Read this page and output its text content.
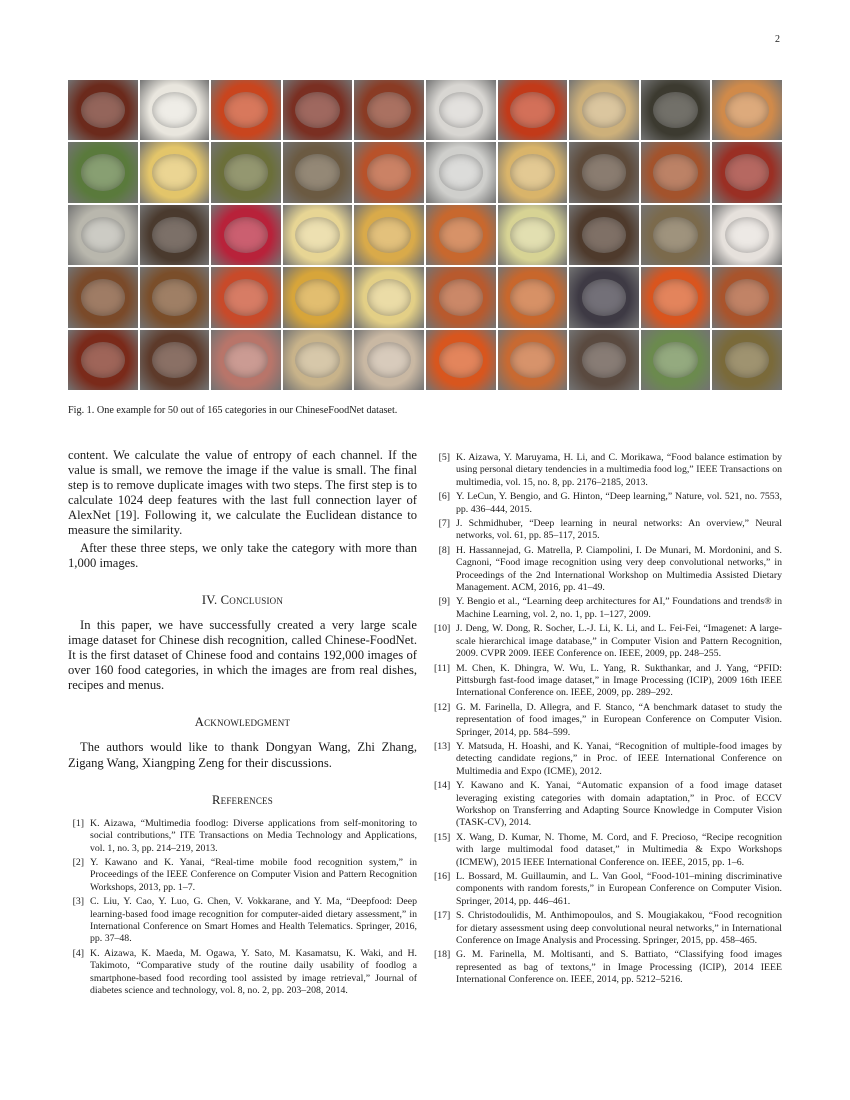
2
Fig. 1. One example for 50 out of 165 categories in our ChineseFoodNet dataset.

content. We calculate the value of entropy of each channel. If the value is small, we remove the image if the value is small. The final step is to remove duplicate images with two steps. The first step is to calculate 1024 deep features with the last full connection layer of AlexNet [19]. Following it, we calculate the Euclidean distance to measure the similarity.

After these three steps, we only take the category with more than 1,000 images.

IV. Conclusion

In this paper, we have successfully created a very large scale image dataset for Chinese dish recognition, called Chinese-FoodNet. It is the first dataset of Chinese food and contains 192,000 images of over 160 food categories, in which the images are from real dishes, recipes and menus.

Acknowledgment

The authors would like to thank Dongyan Wang, Zhi Zhang, Zigang Wang, Xiangping Zeng for their discussions.

References
[1] K. Aizawa, “Multimedia foodlog: Diverse applications from self-monitoring to social contributions,” ITE Transactions on Media Technology and Applications, vol. 1, no. 3, pp. 214–219, 2013.
[2] Y. Kawano and K. Yanai, “Real-time mobile food recognition system,” in Proceedings of the IEEE Conference on Computer Vision and Pattern Recognition Workshops, 2013, pp. 1–7.
[3] C. Liu, Y. Cao, Y. Luo, G. Chen, V. Vokkarane, and Y. Ma, “Deepfood: Deep learning-based food image recognition for computer-aided dietary assessment,” in International Conference on Smart Homes and Health Telematics. Springer, 2016, pp. 37–48.
[4] K. Aizawa, K. Maeda, M. Ogawa, Y. Sato, M. Kasamatsu, K. Waki, and H. Takimoto, “Comparative study of the routine daily usability of foodlog a smartphone-based food recording tool assisted by image retrieval,” Journal of diabetes science and technology, vol. 8, no. 2, pp. 203–208, 2014.
[5] K. Aizawa, Y. Maruyama, H. Li, and C. Morikawa, “Food balance estimation by using personal dietary tendencies in a multimedia food log,” IEEE Transactions on multimedia, vol. 15, no. 8, pp. 2176–2185, 2013.
[6] Y. LeCun, Y. Bengio, and G. Hinton, “Deep learning,” Nature, vol. 521, no. 7553, pp. 436–444, 2015.
[7] J. Schmidhuber, “Deep learning in neural networks: An overview,” Neural networks, vol. 61, pp. 85–117, 2015.
[8] H. Hassannejad, G. Matrella, P. Ciampolini, I. De Munari, M. Mordonini, and S. Cagnoni, “Food image recognition using very deep convolutional networks,” in Proceedings of the 2nd International Workshop on Multimedia Assisted Dietary Management. ACM, 2016, pp. 41–49.
[9] Y. Bengio et al., “Learning deep architectures for AI,” Foundations and trends® in Machine Learning, vol. 2, no. 1, pp. 1–127, 2009.
[10] J. Deng, W. Dong, R. Socher, L.-J. Li, K. Li, and L. Fei-Fei, “Imagenet: A large-scale hierarchical image database,” in Computer Vision and Pattern Recognition, 2009. CVPR 2009. IEEE Conference on. IEEE, 2009, pp. 248–255.
[11] M. Chen, K. Dhingra, W. Wu, L. Yang, R. Sukthankar, and J. Yang, “PFID: Pittsburgh fast-food image dataset,” in Image Processing (ICIP), 2009 16th IEEE International Conference on. IEEE, 2009, pp. 289–292.
[12] G. M. Farinella, D. Allegra, and F. Stanco, “A benchmark dataset to study the representation of food images,” in European Conference on Computer Vision. Springer, 2014, pp. 584–599.
[13] Y. Matsuda, H. Hoashi, and K. Yanai, “Recognition of multiple-food images by detecting candidate regions,” in Proc. of IEEE International Conference on Multimedia and Expo (ICME), 2012.
[14] Y. Kawano and K. Yanai, “Automatic expansion of a food image dataset leveraging existing categories with domain adaptation,” in Proc. of ECCV Workshop on Transferring and Adapting Source Knowledge in Computer Vision (TASK-CV), 2014.
[15] X. Wang, D. Kumar, N. Thome, M. Cord, and F. Precioso, “Recipe recognition with large multimodal food dataset,” in Multimedia & Expo Workshops (ICMEW), 2015 IEEE International Conference on. IEEE, 2015, pp. 1–6.
[16] L. Bossard, M. Guillaumin, and L. Van Gool, “Food-101–mining discriminative components with random forests,” in European Conference on Computer Vision. Springer, 2014, pp. 446–461.
[17] S. Christodoulidis, M. Anthimopoulos, and S. Mougiakakou, “Food recognition for dietary assessment using deep convolutional neural networks,” in International Conference on Image Analysis and Processing. Springer, 2015, pp. 458–465.
[18] G. M. Farinella, M. Moltisanti, and S. Battiato, “Classifying food images represented as bag of textons,” in Image Processing (ICIP), 2014 IEEE International Conference on. IEEE, 2014, pp. 5212–5216.
